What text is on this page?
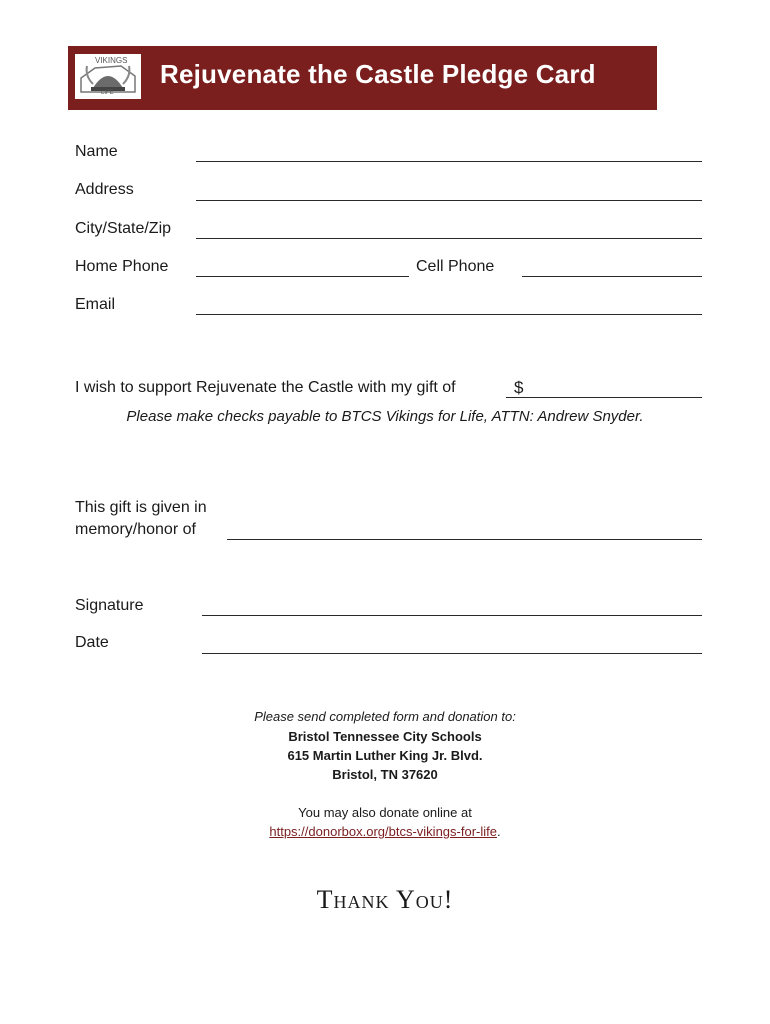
VIKINGS
LIFE
Rejuvenate the Castle Pledge Card
Name
Address
City/State/Zip
Home Phone	Cell Phone
Email
I wish to support Rejuvenate the Castle with my gift of	$
Please make checks payable to BTCS Vikings for Life, ATTN: Andrew Snyder.
This gift is given in
memory/honor of
Signature
Date
Please send completed form and donation to:
Bristol Tennessee City Schools
615 Martin Luther King Jr. Blvd.
Bristol, TN 37620
You may also donate online at
https://donorbox.org/btcs-vikings-for-life.
Thank You!
